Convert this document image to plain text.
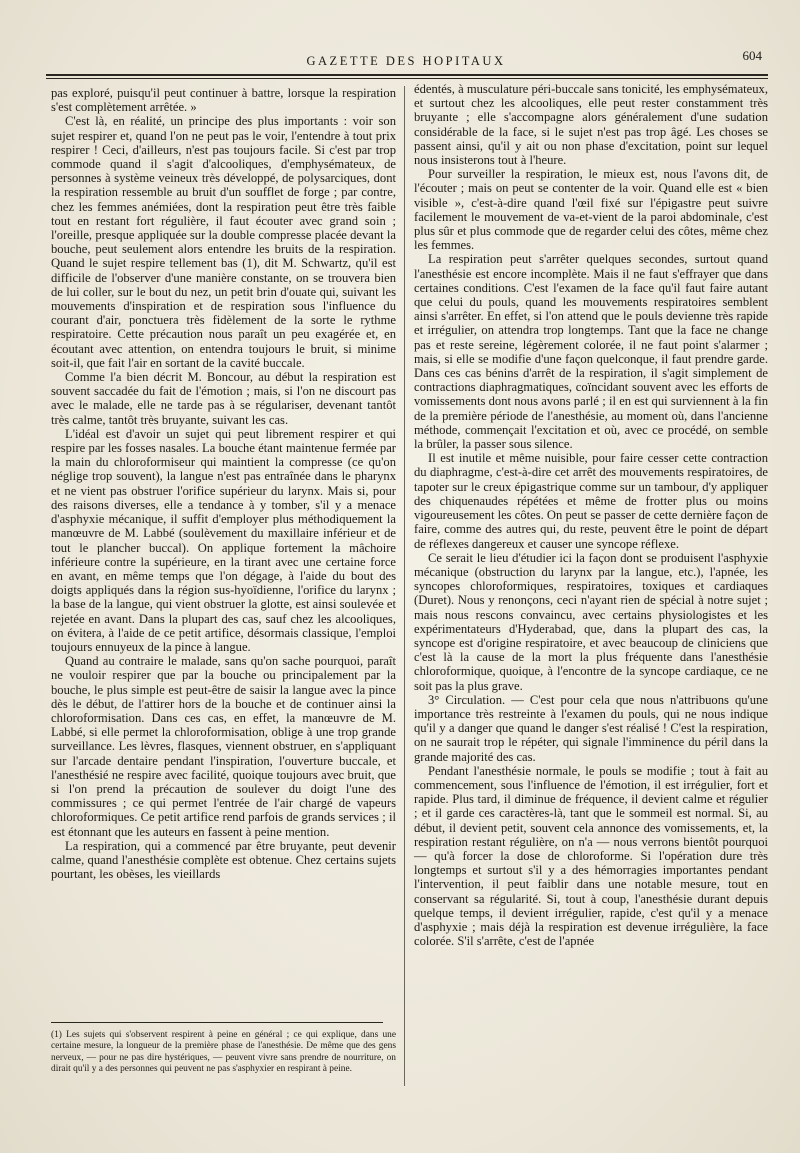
GAZETTE DES HOPITAUX	604

pas exploré, puisqu'il peut continuer à battre, lorsque la respiration s'est complètement arrêtée. »

C'est là, en réalité, un principe des plus importants : voir son sujet respirer et, quand l'on ne peut pas le voir, l'entendre à tout prix respirer ! Ceci, d'ailleurs, n'est pas toujours facile. Si c'est par trop commode quand il s'agit d'alcooliques, d'emphysémateux, de personnes à système veineux très développé, de polysarciques, dont la respiration ressemble au bruit d'un soufflet de forge ; par contre, chez les femmes anémiées, dont la respiration peut être très faible tout en restant fort régulière, il faut écouter avec grand soin ; l'oreille, presque appliquée sur la double compresse placée devant la bouche, peut seulement alors entendre les bruits de la respiration. Quand le sujet respire tellement bas (1), dit M. Schwartz, qu'il est difficile de l'observer d'une manière constante, on se trouvera bien de lui coller, sur le bout du nez, un petit brin d'ouate qui, suivant les mouvements d'inspiration et de respiration sous l'influence du courant d'air, ponctuera très fidèlement de la sorte le rythme respiratoire. Cette précaution nous paraît un peu exagérée et, en écoutant avec attention, on entendra toujours le bruit, si minime soit-il, que fait l'air en sortant de la cavité buccale.

Comme l'a bien décrit M. Boncour, au début la respiration est souvent saccadée du fait de l'émotion ; mais, si l'on ne discourt pas avec le malade, elle ne tarde pas à se régulariser, devenant tantôt très calme, tantôt très bruyante, suivant les cas.

L'idéal est d'avoir un sujet qui peut librement respirer et qui respire par les fosses nasales. La bouche étant maintenue fermée par la main du chloroformiseur qui maintient la compresse (ce qu'on néglige trop souvent), la langue n'est pas entraînée dans le pharynx et ne vient pas obstruer l'orifice supérieur du larynx. Mais si, pour des raisons diverses, elle a tendance à y tomber, s'il y a menace d'asphyxie mécanique, il suffit d'employer plus méthodiquement la manœuvre de M. Labbé (soulèvement du maxillaire inférieur et de tout le plancher buccal). On applique fortement la mâchoire inférieure contre la supérieure, en la tirant avec une certaine force en avant, en même temps que l'on dégage, à l'aide du bout des doigts appliqués dans la région sus-hyoïdienne, l'orifice du larynx ; la base de la langue, qui vient obstruer la glotte, est ainsi soulevée et rejetée en avant. Dans la plupart des cas, sauf chez les alcooliques, on évitera, à l'aide de ce petit artifice, désormais classique, l'emploi toujours ennuyeux de la pince à langue.

Quand au contraire le malade, sans qu'on sache pourquoi, paraît ne vouloir respirer que par la bouche ou principalement par la bouche, le plus simple est peut-être de saisir la langue avec la pince dès le début, de l'attirer hors de la bouche et de continuer ainsi la chloroformisation. Dans ces cas, en effet, la manœuvre de M. Labbé, si elle permet la chloroformisation, oblige à une trop grande surveillance. Les lèvres, flasques, viennent obstruer, en s'appliquant sur l'arcade dentaire pendant l'inspiration, l'ouverture buccale, et l'anesthésié ne respire avec facilité, quoique toujours avec bruit, que si l'on prend la précaution de soulever du doigt l'une des commissures ; ce qui permet l'entrée de l'air chargé de vapeurs chloroformiques. Ce petit artifice rend parfois de grands services ; il est étonnant que les auteurs en fassent à peine mention.

La respiration, qui a commencé par être bruyante, peut devenir calme, quand l'anesthésie complète est obtenue. Chez certains sujets pourtant, les obèses, les vieillards

(1) Les sujets qui s'observent respirent à peine en général ; ce qui explique, dans une certaine mesure, la longueur de la première phase de l'anesthésie. De même que des gens nerveux, — pour ne pas dire hystériques, — peuvent vivre sans prendre de nourriture, on dirait qu'il y a des personnes qui peuvent ne pas s'asphyxier en respirant à peine.

édentés, à musculature péri-buccale sans tonicité, les emphysémateux, et surtout chez les alcooliques, elle peut rester constamment très bruyante ; elle s'accompagne alors généralement d'une sudation considérable de la face, si le sujet n'est pas trop âgé. Les choses se passent ainsi, qu'il y ait ou non phase d'excitation, point sur lequel nous insisterons tout à l'heure.

Pour surveiller la respiration, le mieux est, nous l'avons dit, de l'écouter ; mais on peut se contenter de la voir. Quand elle est « bien visible », c'est-à-dire quand l'œil fixé sur l'épigastre peut suivre facilement le mouvement de va-et-vient de la paroi abdominale, c'est plus sûr et plus commode que de regarder celui des côtes, même chez les femmes.

La respiration peut s'arrêter quelques secondes, surtout quand l'anesthésie est encore incomplète. Mais il ne faut s'effrayer que dans certaines conditions. C'est l'examen de la face qu'il faut faire autant que celui du pouls, quand les mouvements respiratoires semblent ainsi s'arrêter. En effet, si l'on attend que le pouls devienne très rapide et irrégulier, on attendra trop longtemps. Tant que la face ne change pas et reste sereine, légèrement colorée, il ne faut point s'alarmer ; mais, si elle se modifie d'une façon quelconque, il faut prendre garde. Dans ces cas bénins d'arrêt de la respiration, il s'agit simplement de contractions diaphragmatiques, coïncidant souvent avec les efforts de vomissements dont nous avons parlé ; il en est qui surviennent à la fin de la première période de l'anesthésie, au moment où, dans l'ancienne méthode, commençait l'excitation et où, avec ce procédé, on semble la brûler, la passer sous silence.

Il est inutile et même nuisible, pour faire cesser cette contraction du diaphragme, c'est-à-dire cet arrêt des mouvements respiratoires, de tapoter sur le creux épigastrique comme sur un tambour, d'y appliquer des chiquenaudes répétées et même de frotter plus ou moins vigoureusement les côtes. On peut se passer de cette dernière façon de faire, comme des autres qui, du reste, peuvent être le point de départ de réflexes dangereux et causer une syncope réflexe.

Ce serait le lieu d'étudier ici la façon dont se produisent l'asphyxie mécanique (obstruction du larynx par la langue, etc.), l'apnée, les syncopes chloroformiques, respiratoires, toxiques et cardiaques (Duret). Nous y renonçons, ceci n'ayant rien de spécial à notre sujet ; mais nous rescons convaincu, avec certains physiologistes et les expérimentateurs d'Hyderabad, que, dans la plupart des cas, la syncope est d'origine respiratoire, et avec beaucoup de cliniciens que c'est là la cause de la mort la plus fréquente dans l'anesthésie chloroformique, quoique, à l'encontre de la syncope cardiaque, ce ne soit pas la plus grave.

3° Circulation. — C'est pour cela que nous n'attribuons qu'une importance très restreinte à l'examen du pouls, qui ne nous indique qu'il y a danger que quand le danger s'est réalisé ! C'est la respiration, on ne saurait trop le répéter, qui signale l'imminence du péril dans la grande majorité des cas.

Pendant l'anesthésie normale, le pouls se modifie ; tout à fait au commencement, sous l'influence de l'émotion, il est irrégulier, fort et rapide. Plus tard, il diminue de fréquence, il devient calme et régulier ; et il garde ces caractères-là, tant que le sommeil est normal. Si, au début, il devient petit, souvent cela annonce des vomissements, et, la respiration restant régulière, on n'a — nous verrons bientôt pourquoi — qu'à forcer la dose de chloroforme. Si l'opération dure très longtemps et surtout s'il y a des hémorragies importantes pendant l'intervention, il peut faiblir dans une notable mesure, tout en conservant sa régularité. Si, tout à coup, l'anesthésie durant depuis quelque temps, il devient irrégulier, rapide, c'est qu'il y a menace d'asphyxie ; mais déjà la respiration est devenue irrégulière, la face colorée. S'il s'arrête, c'est de l'apnée
